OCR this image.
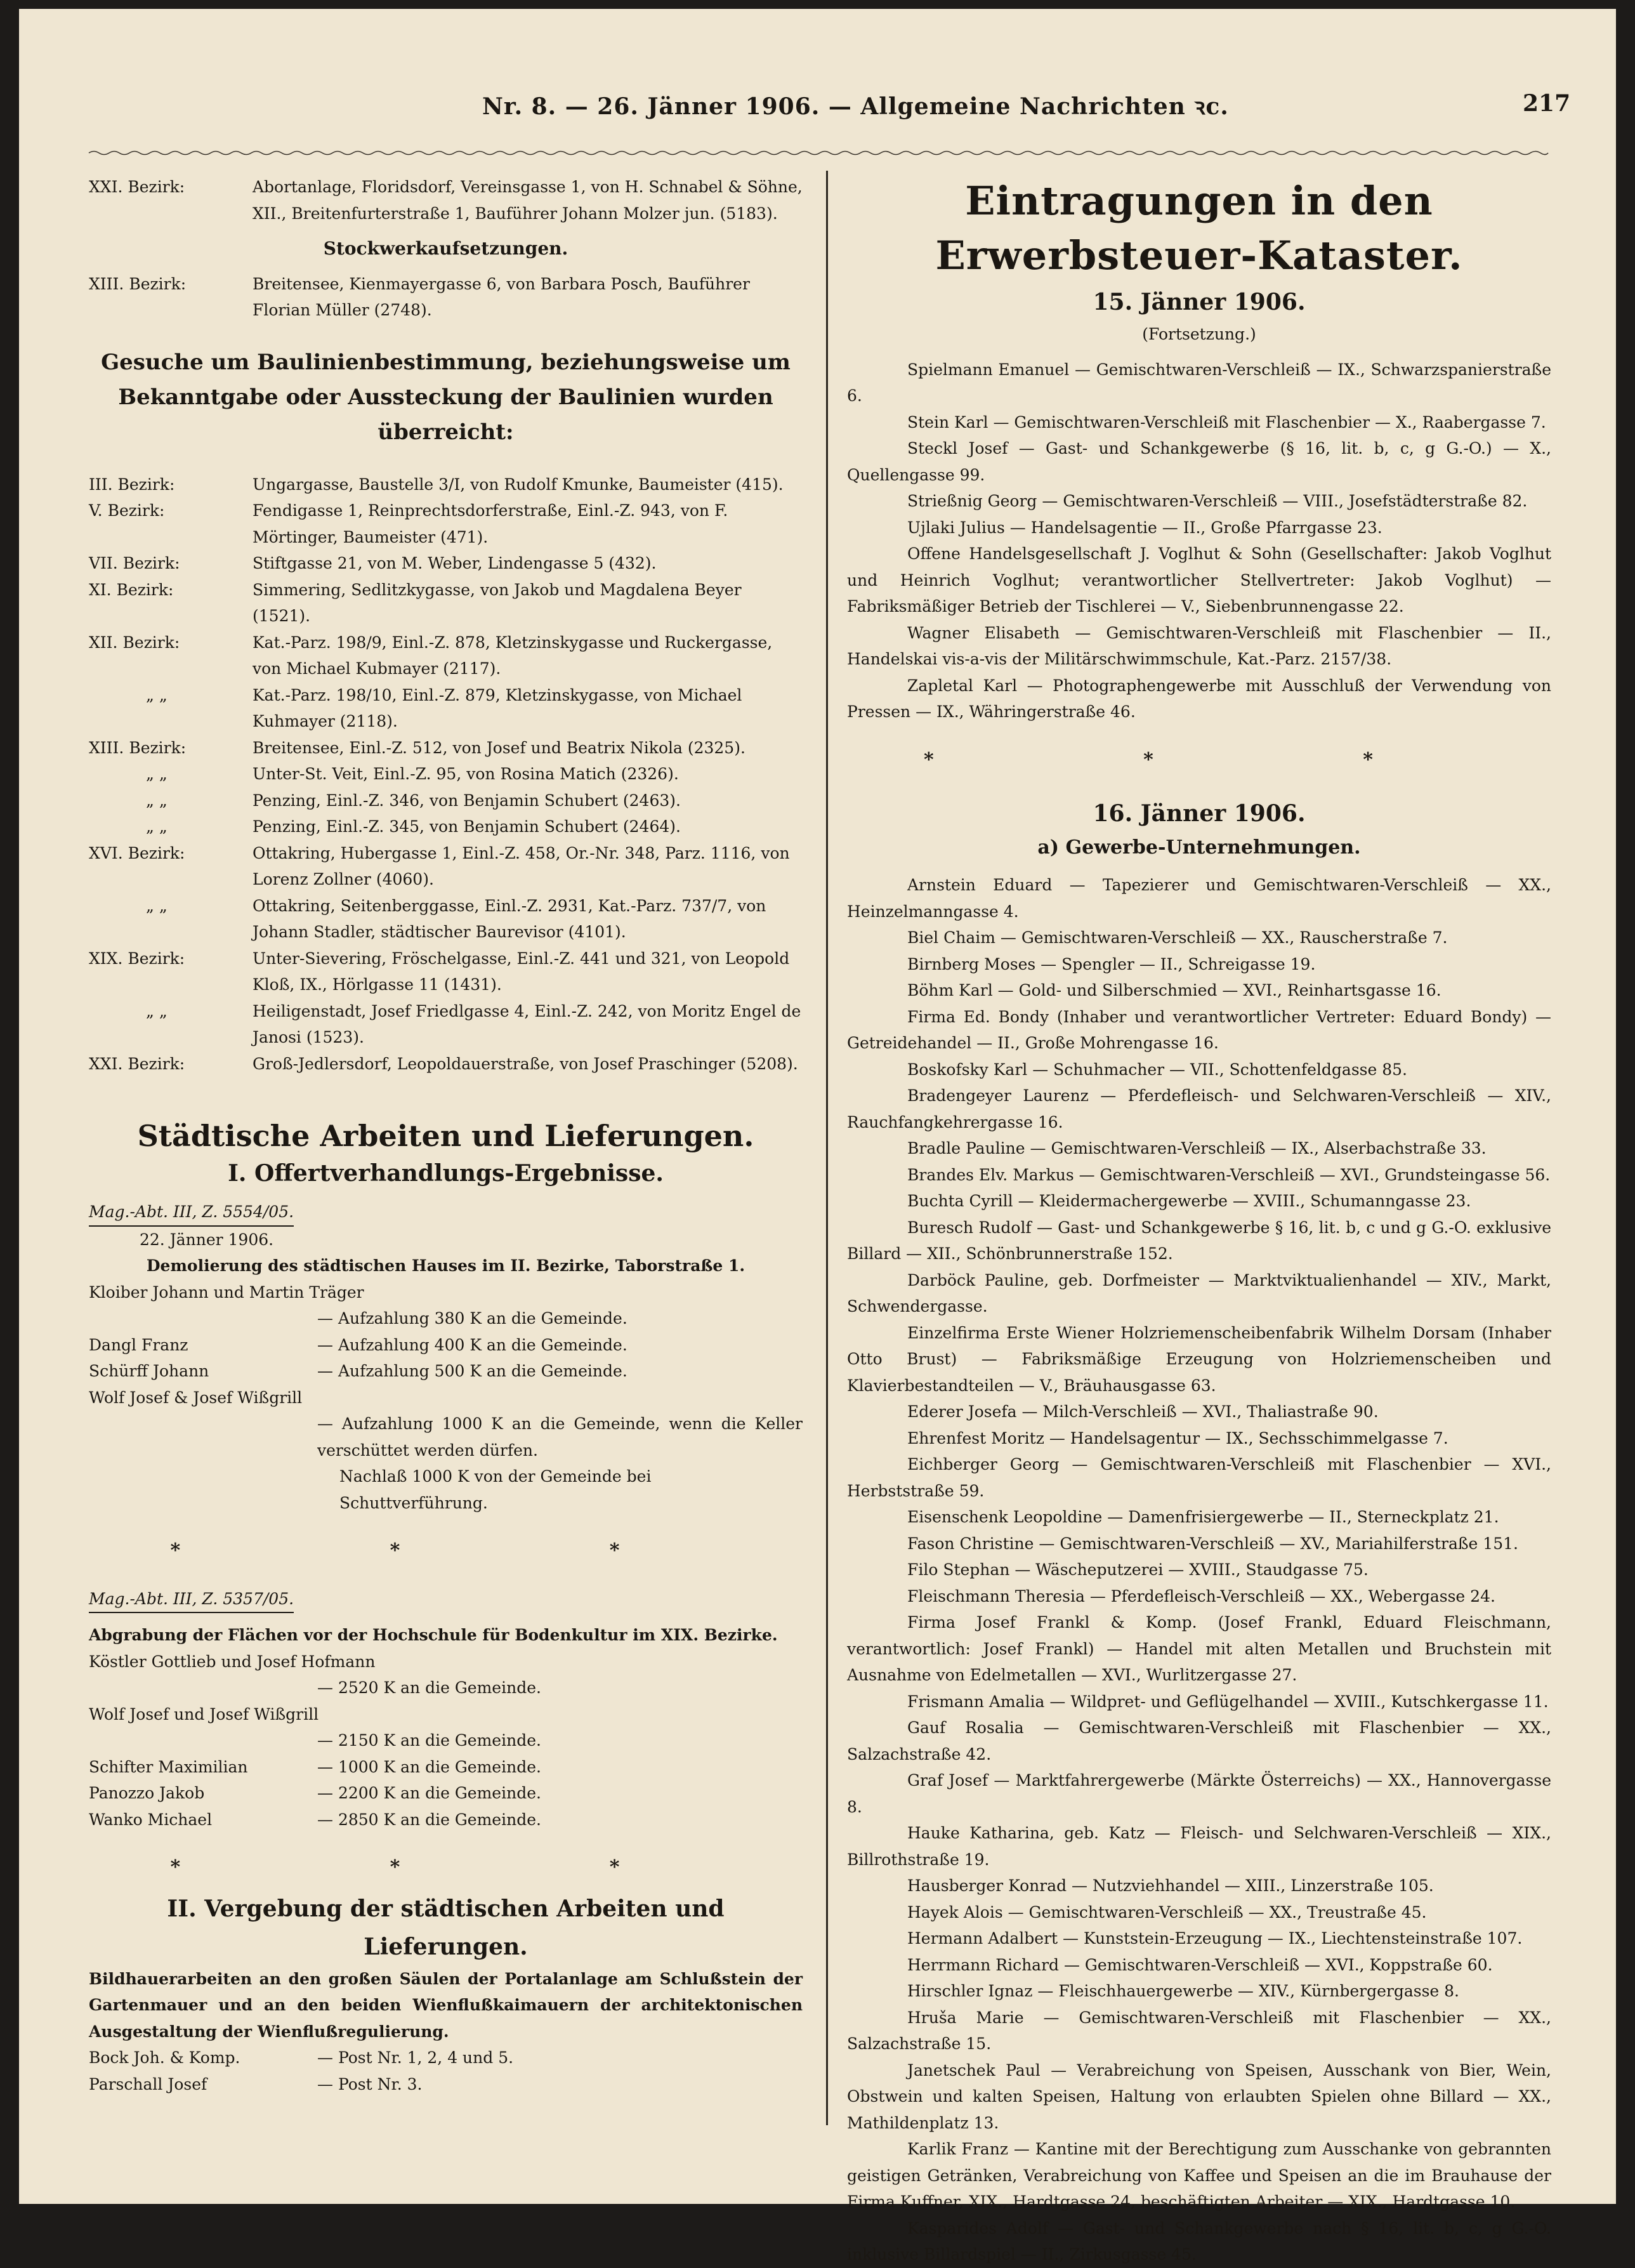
Nr. 8. — 26. Jänner 1906. — Allgemeine Nachrichten ꝛc.	217

XXI. Bezirk:	Abortanlage, Floridsdorf, Vereinsgasse 1, von H. Schnabel & Söhne, XII., Breitenfurterstraße 1, Bauführer Johann Molzer jun. (5183).

Stockwerkaufsetzungen.

XIII. Bezirk:	Breitensee, Kienmayergasse 6, von Barbara Posch, Bauführer Florian Müller (2748).

Gesuche um Baulinienbestimmung, beziehungsweise um Bekanntgabe oder Aussteckung der Baulinien wurden überreicht:

III. Bezirk:	Ungargasse, Baustelle 3/I, von Rudolf Kmunke, Baumeister (415).

V. Bezirk:	Fendigasse 1, Reinprechtsdorferstraße, Einl.-Z. 943, von F. Mörtinger, Baumeister (471).

VII. Bezirk:	Stiftgasse 21, von M. Weber, Lindengasse 5 (432).

XI. Bezirk:	Simmering, Sedlitzkygasse, von Jakob und Magdalena Beyer (1521).

XII. Bezirk:	Kat.-Parz. 198/9, Einl.-Z. 878, Kletzinskygasse und Ruckergasse, von Michael Kubmayer (2117).

„ „	Kat.-Parz. 198/10, Einl.-Z. 879, Kletzinskygasse, von Michael Kuhmayer (2118).

XIII. Bezirk:	Breitensee, Einl.-Z. 512, von Josef und Beatrix Nikola (2325).

„ „	Unter-St. Veit, Einl.-Z. 95, von Rosina Matich (2326).

„ „	Penzing, Einl.-Z. 346, von Benjamin Schubert (2463).

„ „	Penzing, Einl.-Z. 345, von Benjamin Schubert (2464).

XVI. Bezirk:	Ottakring, Hubergasse 1, Einl.-Z. 458, Or.-Nr. 348, Parz. 1116, von Lorenz Zollner (4060).

„ „	Ottakring, Seitenberggasse, Einl.-Z. 2931, Kat.-Parz. 737/7, von Johann Stadler, städtischer Baurevisor (4101).

XIX. Bezirk:	Unter-Sievering, Fröschelgasse, Einl.-Z. 441 und 321, von Leopold Kloß, IX., Hörlgasse 11 (1431).

„ „	Heiligenstadt, Josef Friedlgasse 4, Einl.-Z. 242, von Moritz Engel de Janosi (1523).

XXI. Bezirk:	Groß-Jedlersdorf, Leopoldauerstraße, von Josef Praschinger (5208).

Städtische Arbeiten und Lieferungen.
I. Offertverhandlungs-Ergebnisse.
Mag.-Abt. III, Z. 5554/05.
22. Jänner 1906.
Demolierung des städtischen Hauses im II. Bezirke, Taborstraße 1.
Kloiber Johann und Martin Träger
— Aufzahlung 380 K an die Gemeinde.
Dangl Franz	— Aufzahlung 400 K an die Gemeinde.
Schürff Johann	— Aufzahlung 500 K an die Gemeinde.
Wolf Josef & Josef Wißgrill
— Aufzahlung 1000 K an die Gemeinde, wenn die Keller verschüttet werden dürfen.
Nachlaß 1000 K von der Gemeinde bei Schuttverführung.
* * *
Mag.-Abt. III, Z. 5357/05.
Abgrabung der Flächen vor der Hochschule für Bodenkultur im XIX. Bezirke.
Köstler Gottlieb und Josef Hofmann
— 2520 K an die Gemeinde.
Wolf Josef und Josef Wißgrill
— 2150 K an die Gemeinde.
Schifter Maximilian	— 1000 K an die Gemeinde.
Panozzo Jakob	— 2200 K an die Gemeinde.
Wanko Michael	— 2850 K an die Gemeinde.
* * *
II. Vergebung der städtischen Arbeiten und Lieferungen.
Bildhauerarbeiten an den großen Säulen der Portalanlage am Schlußstein der Gartenmauer und an den beiden Wienflußkaimauern der architektonischen Ausgestaltung der Wienflußregulierung.
Bock Joh. & Komp.	— Post Nr. 1, 2, 4 und 5.
Parschall Josef	— Post Nr. 3.
Eintragungen in den Erwerbsteuer-Kataster.
15. Jänner 1906.
(Fortsetzung.)

Spielmann Emanuel — Gemischtwaren-Verschleiß — IX., Schwarzspanierstraße 6.

Stein Karl — Gemischtwaren-Verschleiß mit Flaschenbier — X., Raabergasse 7.

Steckl Josef — Gast- und Schankgewerbe (§ 16, lit. b, c, g G.-O.) — X., Quellengasse 99.

Strießnig Georg — Gemischtwaren-Verschleiß — VIII., Josefstädterstraße 82.

Ujlaki Julius — Handelsagentie — II., Große Pfarrgasse 23.

Offene Handelsgesellschaft J. Voglhut & Sohn (Gesellschafter: Jakob Voglhut und Heinrich Voglhut; verantwortlicher Stellvertreter: Jakob Voglhut) — Fabriksmäßiger Betrieb der Tischlerei — V., Siebenbrunnengasse 22.

Wagner Elisabeth — Gemischtwaren-Verschleiß mit Flaschenbier — II., Handelskai vis-a-vis der Militärschwimmschule, Kat.-Parz. 2157/38.

Zapletal Karl — Photographengewerbe mit Ausschluß der Verwendung von Pressen — IX., Währingerstraße 46.

* * *
16. Jänner 1906.
a) Gewerbe-Unternehmungen.

Arnstein Eduard — Tapezierer und Gemischtwaren-Verschleiß — XX., Heinzelmanngasse 4.

Biel Chaim — Gemischtwaren-Verschleiß — XX., Rauscherstraße 7.

Birnberg Moses — Spengler — II., Schreigasse 19.

Böhm Karl — Gold- und Silberschmied — XVI., Reinhartsgasse 16.

Firma Ed. Bondy (Inhaber und verantwortlicher Vertreter: Eduard Bondy) — Getreidehandel — II., Große Mohrengasse 16.

Boskofsky Karl — Schuhmacher — VII., Schottenfeldgasse 85.

Bradengeyer Laurenz — Pferdefleisch- und Selchwaren-Verschleiß — XIV., Rauchfangkehrergasse 16.

Bradle Pauline — Gemischtwaren-Verschleiß — IX., Alserbachstraße 33.

Brandes Elv. Markus — Gemischtwaren-Verschleiß — XVI., Grundsteingasse 56.

Buchta Cyrill — Kleidermachergewerbe — XVIII., Schumanngasse 23.

Buresch Rudolf — Gast- und Schankgewerbe § 16, lit. b, c und g G.-O. exklusive Billard — XII., Schönbrunnerstraße 152.

Darböck Pauline, geb. Dorfmeister — Marktviktualienhandel — XIV., Markt, Schwendergasse.

Einzelfirma Erste Wiener Holzriemenscheibenfabrik Wilhelm Dorsam (Inhaber Otto Brust) — Fabriksmäßige Erzeugung von Holzriemenscheiben und Klavierbestandteilen — V., Bräuhausgasse 63.

Ederer Josefa — Milch-Verschleiß — XVI., Thaliastraße 90.

Ehrenfest Moritz — Handelsagentur — IX., Sechsschimmelgasse 7.

Eichberger Georg — Gemischtwaren-Verschleiß mit Flaschenbier — XVI., Herbststraße 59.

Eisenschenk Leopoldine — Damenfrisiergewerbe — II., Sterneckplatz 21.

Fason Christine — Gemischtwaren-Verschleiß — XV., Mariahilferstraße 151.

Filo Stephan — Wäscheputzerei — XVIII., Staudgasse 75.

Fleischmann Theresia — Pferdefleisch-Verschleiß — XX., Webergasse 24.

Firma Josef Frankl & Komp. (Josef Frankl, Eduard Fleischmann, verantwortlich: Josef Frankl) — Handel mit alten Metallen und Bruchstein mit Ausnahme von Edelmetallen — XVI., Wurlitzergasse 27.

Frismann Amalia — Wildpret- und Geflügelhandel — XVIII., Kutschkergasse 11.

Gauf Rosalia — Gemischtwaren-Verschleiß mit Flaschenbier — XX., Salzachstraße 42.

Graf Josef — Marktfahrergewerbe (Märkte Österreichs) — XX., Hannovergasse 8.

Hauke Katharina, geb. Katz — Fleisch- und Selchwaren-Verschleiß — XIX., Billrothstraße 19.

Hausberger Konrad — Nutzviehhandel — XIII., Linzerstraße 105.

Hayek Alois — Gemischtwaren-Verschleiß — XX., Treustraße 45.

Hermann Adalbert — Kunststein-Erzeugung — IX., Liechtensteinstraße 107.

Herrmann Richard — Gemischtwaren-Verschleiß — XVI., Koppstraße 60.

Hirschler Ignaz — Fleischhauergewerbe — XIV., Kürnbergergasse 8.

Hruša Marie — Gemischtwaren-Verschleiß mit Flaschenbier — XX., Salzachstraße 15.

Janetschek Paul — Verabreichung von Speisen, Ausschank von Bier, Wein, Obstwein und kalten Speisen, Haltung von erlaubten Spielen ohne Billard — XX., Mathildenplatz 13.

Karlik Franz — Kantine mit der Berechtigung zum Ausschanke von gebrannten geistigen Getränken, Verabreichung von Kaffee und Speisen an die im Brauhause der Firma Kuffner, XIX., Hardtgasse 24, beschäftigten Arbeiter — XIX., Hardtgasse 10.

Kasparides Adolf — Gast- und Schankgewerbe nach § 16, lit. b, c, g G.-O. inklusive Billardspiel — II., Zirkusgasse 45.
